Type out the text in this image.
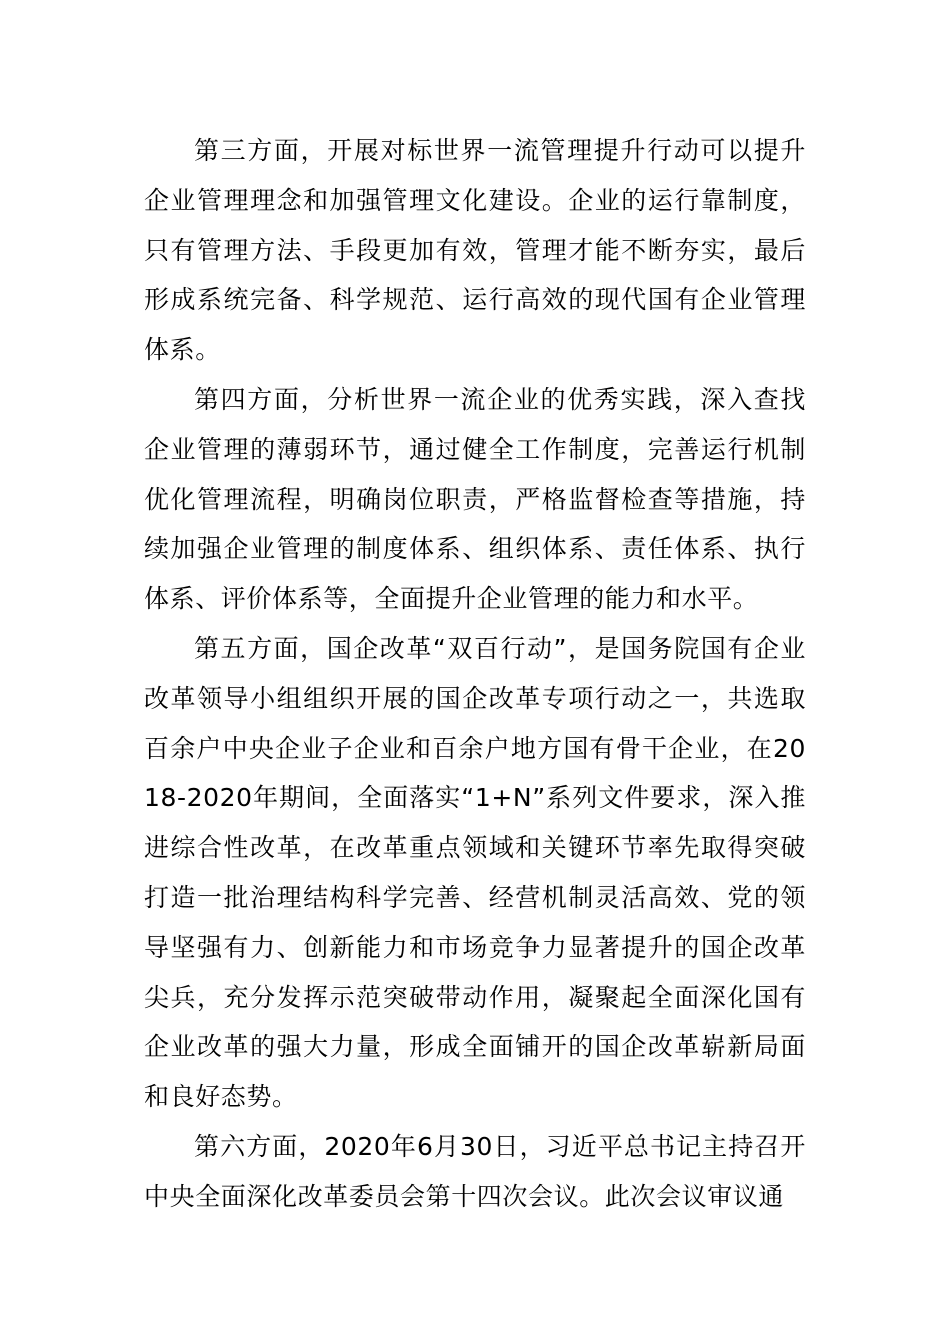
第三方面，开展对标世界一流管理提升行动可以提升企业管理理念和加强管理文化建设。企业的运行靠制度，只有管理方法、手段更加有效，管理才能不断夯实，最后形成系统完备、科学规范、运行高效的现代国有企业管理体系。

第四方面，分析世界一流企业的优秀实践，深入查找企业管理的薄弱环节，通过健全工作制度，完善运行机制优化管理流程，明确岗位职责，严格监督检查等措施，持续加强企业管理的制度体系、组织体系、责任体系、执行体系、评价体系等，全面提升企业管理的能力和水平。

第五方面，国企改革“双百行动”，是国务院国有企业改革领导小组组织开展的国企改革专项行动之一，共选取百余户中央企业子企业和百余户地方国有骨干企业，在2018-2020年期间，全面落实“1+N”系列文件要求，深入推进综合性改革，在改革重点领域和关键环节率先取得突破打造一批治理结构科学完善、经营机制灵活高效、党的领导坚强有力、创新能力和市场竞争力显著提升的国企改革尖兵，充分发挥示范突破带动作用，凝聚起全面深化国有企业改革的强大力量，形成全面铺开的国企改革崭新局面和良好态势。

第六方面，2020年6月30日，习近平总书记主持召开中央全面深化改革委员会第十四次会议。此次会议审议通
